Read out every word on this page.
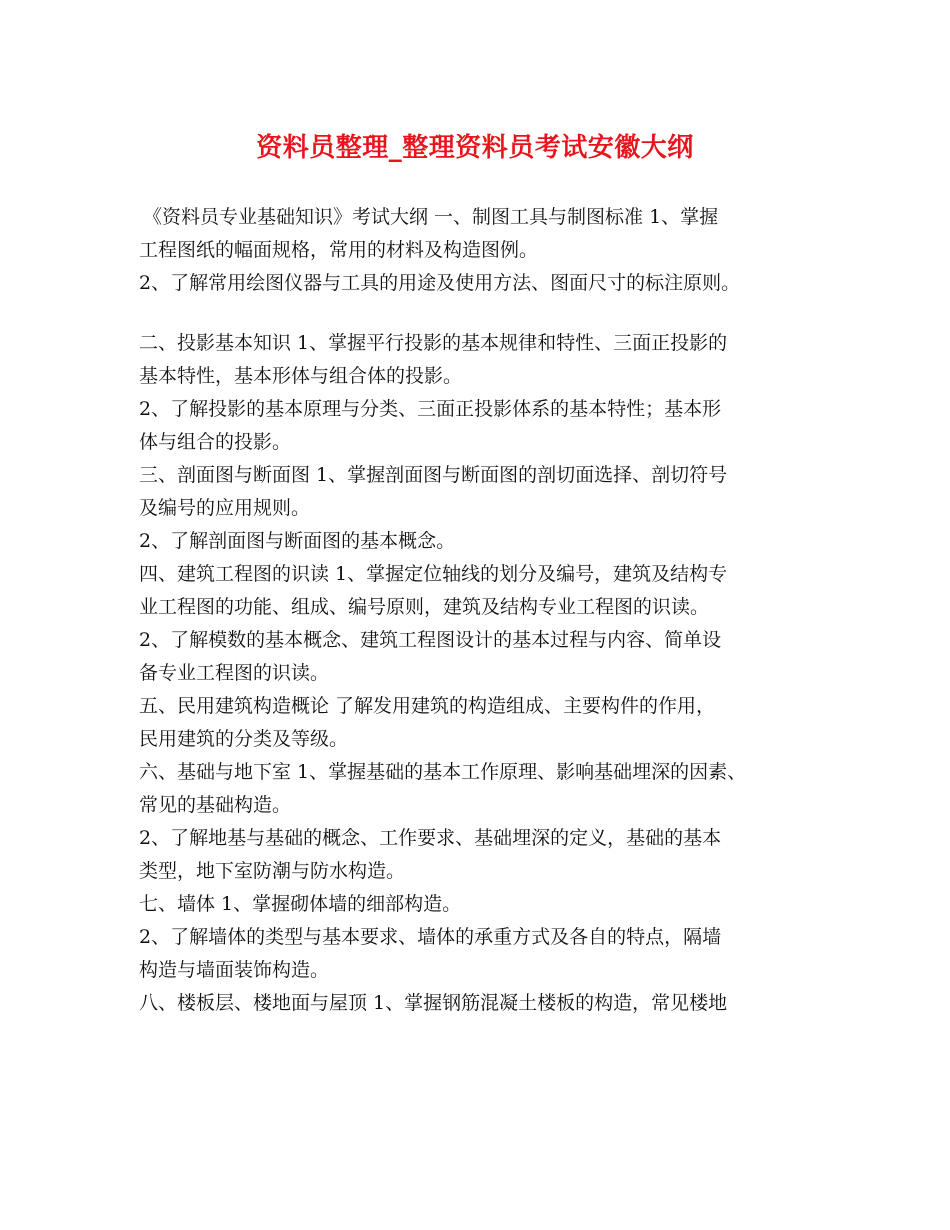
资料员整理_整理资料员考试安徽大纲
《资料员专业基础知识》考试大纲 一、制图工具与制图标准 1、掌握
工程图纸的幅面规格，常用的材料及构造图例。
2、了解常用绘图仪器与工具的用途及使用方法、图面尺寸的标注原则。
二、投影基本知识 1、掌握平行投影的基本规律和特性、三面正投影的
基本特性，基本形体与组合体的投影。
2、了解投影的基本原理与分类、三面正投影体系的基本特性；基本形
体与组合的投影。
三、剖面图与断面图 1、掌握剖面图与断面图的剖切面选择、剖切符号
及编号的应用规则。
2、了解剖面图与断面图的基本概念。
四、建筑工程图的识读 1、掌握定位轴线的划分及编号，建筑及结构专
业工程图的功能、组成、编号原则，建筑及结构专业工程图的识读。
2、了解模数的基本概念、建筑工程图设计的基本过程与内容、简单设
备专业工程图的识读。
五、民用建筑构造概论 了解发用建筑的构造组成、主要构件的作用，
民用建筑的分类及等级。
六、基础与地下室 1、掌握基础的基本工作原理、影响基础埋深的因素、
常见的基础构造。
2、了解地基与基础的概念、工作要求、基础埋深的定义，基础的基本
类型，地下室防潮与防水构造。
七、墙体 1、掌握砌体墙的细部构造。
2、了解墙体的类型与基本要求、墙体的承重方式及各自的特点，隔墙
构造与墙面装饰构造。
八、楼板层、楼地面与屋顶 1、掌握钢筋混凝土楼板的构造，常见楼地
